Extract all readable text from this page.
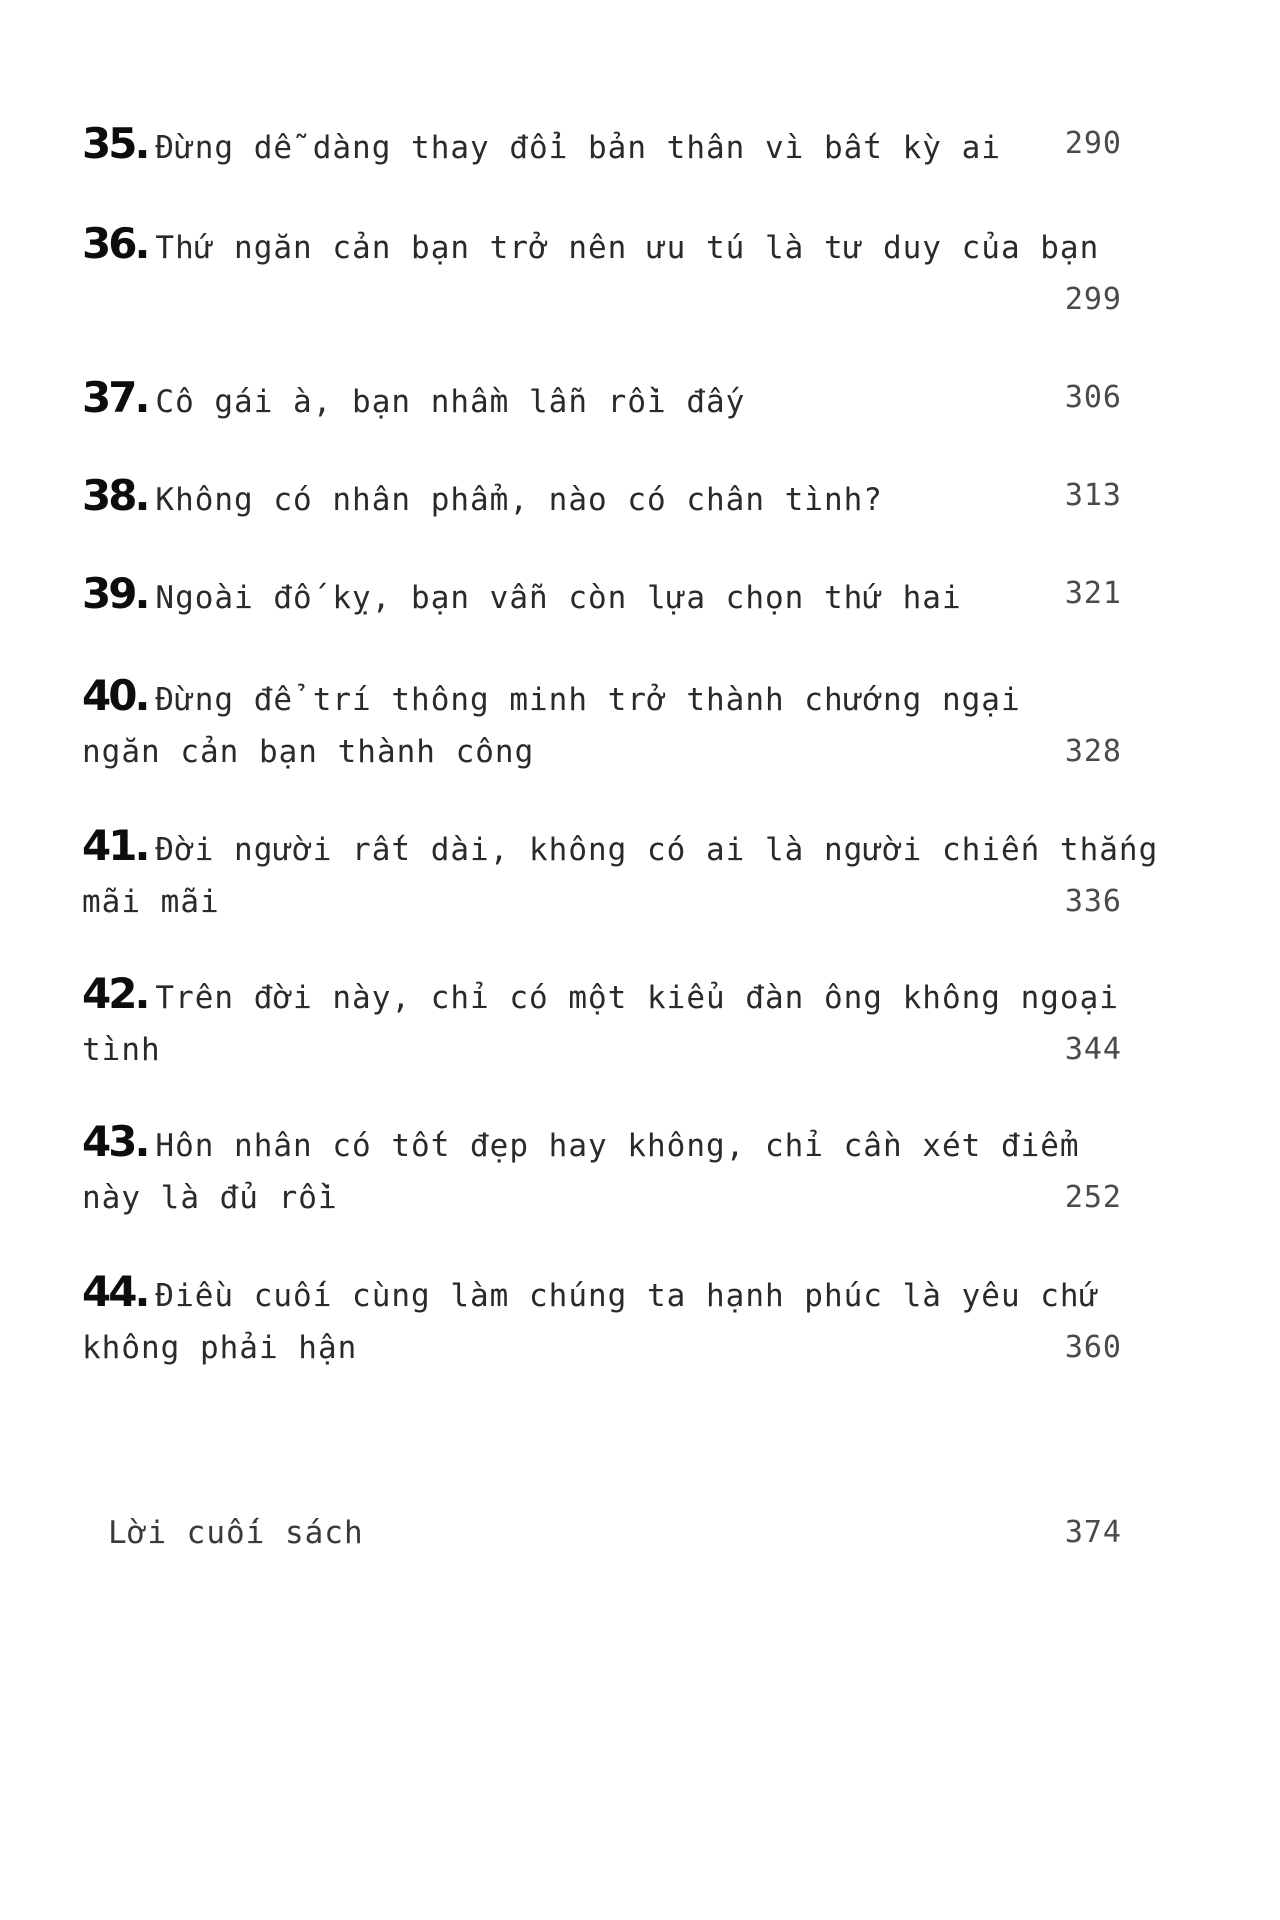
35. Đừng dễ dàng thay đổi bản thân vì bất kỳ ai 290
36. Thứ ngăn cản bạn trở nên ưu tú là tư duy của bạn
299
37. Cô gái à, bạn nhầm lẫn rồi đấy	306
38. Không có nhân phẩm, nào có chân tình?	313
39. Ngoài đố kỵ, bạn vẫn còn lựa chọn thứ hai	321
40. Đừng để trí thông minh trở thành chướng ngại
ngăn cản bạn thành công	328
41. Đời người rất dài, không có ai là người chiến thắng
mãi mãi	336
42. Trên đời này, chỉ có một kiểu đàn ông không ngoại
tình	344
43. Hôn nhân có tốt đẹp hay không, chỉ cần xét điểm
này là đủ rồi	252
44. Điều cuối cùng làm chúng ta hạnh phúc là yêu chứ
không phải hận	360
Lời cuối sách	374
